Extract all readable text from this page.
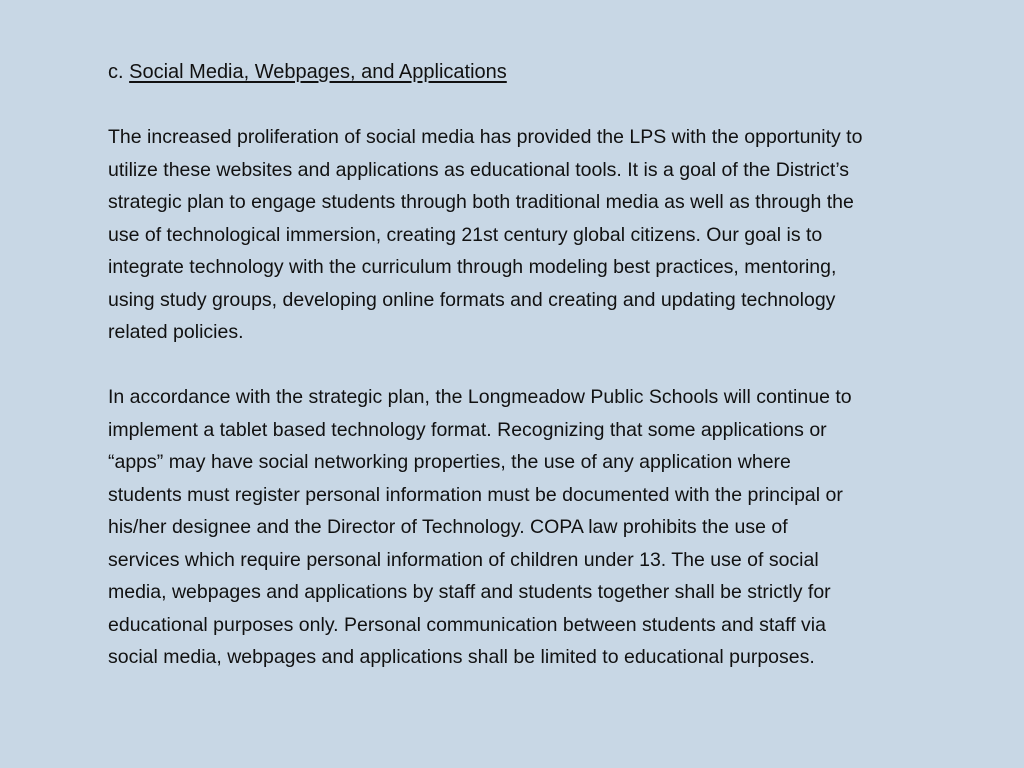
c. Social Media, Webpages, and Applications

The increased proliferation of social media has provided the LPS with the opportunity to
utilize these websites and applications as educational tools. It is a goal of the District’s
strategic plan to engage students through both traditional media as well as through the
use of technological immersion, creating 21st century global citizens. Our goal is to
integrate technology with the curriculum through modeling best practices, mentoring,
using study groups, developing online formats and creating and updating technology
related policies.

In accordance with the strategic plan, the Longmeadow Public Schools will continue to
implement a tablet based technology format. Recognizing that some applications or
“apps” may have social networking properties, the use of any application where
students must register personal information must be documented with the principal or
his/her designee and the Director of Technology. COPA law prohibits the use of
services which require personal information of children under 13. The use of social
media, webpages and applications by staff and students together shall be strictly for
educational purposes only. Personal communication between students and staff via
social media, webpages and applications shall be limited to educational purposes.
